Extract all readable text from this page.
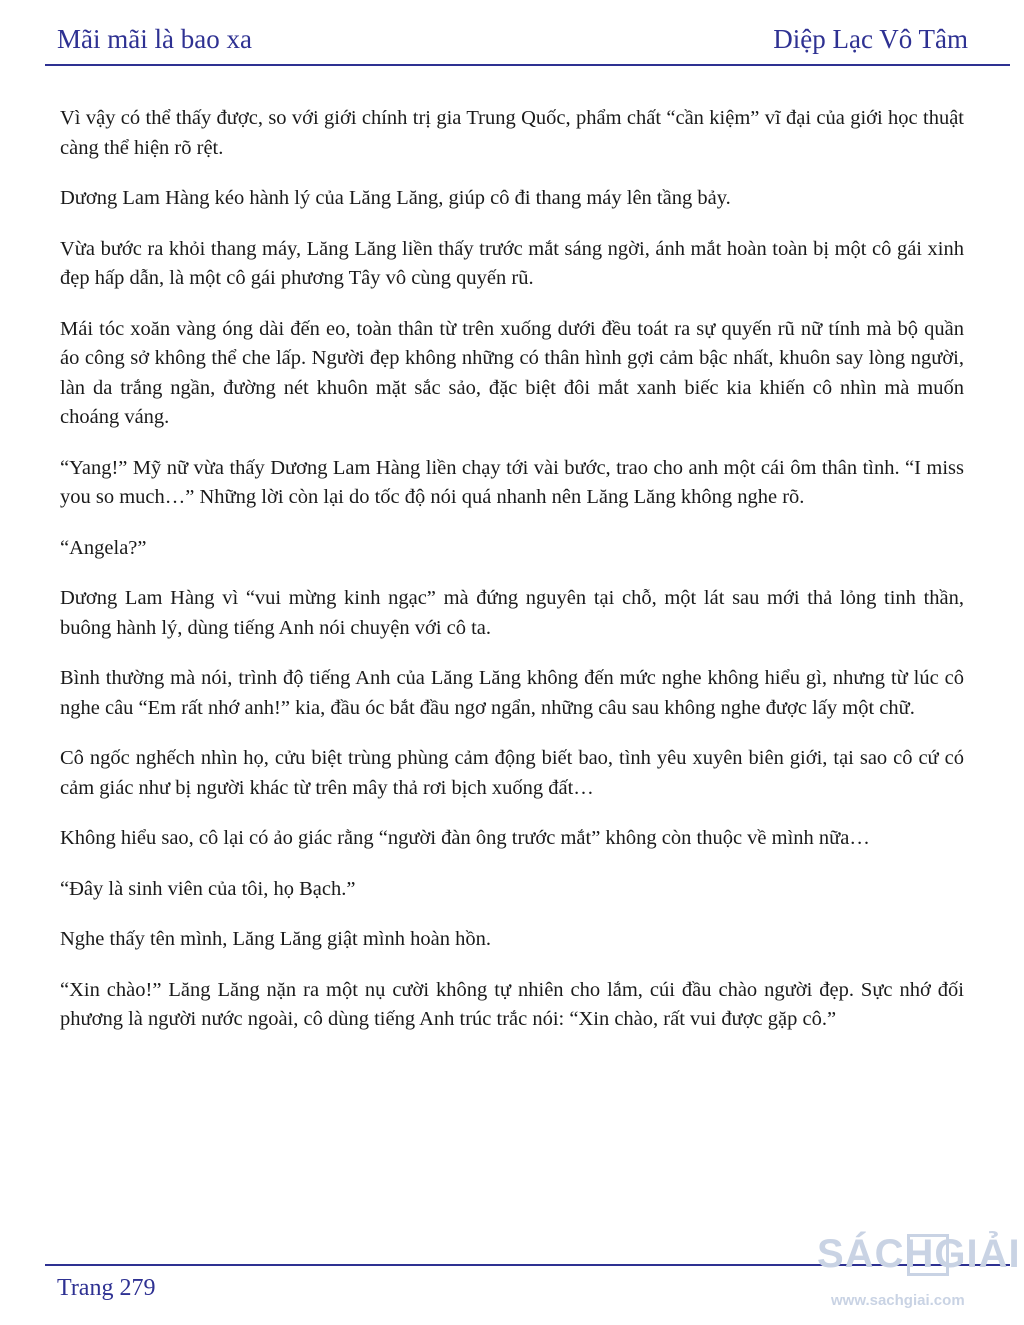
Mãi mãi là bao xa	Diệp Lạc Vô Tâm

Vì vậy có thể thấy được, so với giới chính trị gia Trung Quốc, phẩm chất “cần kiệm” vĩ đại của giới học thuật càng thể hiện rõ rệt.

Dương Lam Hàng kéo hành lý của Lăng Lăng, giúp cô đi thang máy lên tầng bảy.

Vừa bước ra khỏi thang máy, Lăng Lăng liền thấy trước mắt sáng ngời, ánh mắt hoàn toàn bị một cô gái xinh đẹp hấp dẫn, là một cô gái phương Tây vô cùng quyến rũ.

Mái tóc xoăn vàng óng dài đến eo, toàn thân từ trên xuống dưới đều toát ra sự quyến rũ nữ tính mà bộ quần áo công sở không thể che lấp. Người đẹp không những có thân hình gợi cảm bậc nhất, khuôn say lòng người, làn da trắng ngần, đường nét khuôn mặt sắc sảo, đặc biệt đôi mắt xanh biếc kia khiến cô nhìn mà muốn choáng váng.

“Yang!” Mỹ nữ vừa thấy Dương Lam Hàng liền chạy tới vài bước, trao cho anh một cái ôm thân tình. “I miss you so much…” Những lời còn lại do tốc độ nói quá nhanh nên Lăng Lăng không nghe rõ.

“Angela?”

Dương Lam Hàng vì “vui mừng kinh ngạc” mà đứng nguyên tại chỗ, một lát sau mới thả lỏng tinh thần, buông hành lý, dùng tiếng Anh nói chuyện với cô ta.

Bình thường mà nói, trình độ tiếng Anh của Lăng Lăng không đến mức nghe không hiểu gì, nhưng từ lúc cô nghe câu “Em rất nhớ anh!” kia, đầu óc bắt đầu ngơ ngẩn, những câu sau không nghe được lấy một chữ.

Cô ngốc nghếch nhìn họ, cửu biệt trùng phùng cảm động biết bao, tình yêu xuyên biên giới, tại sao cô cứ có cảm giác như bị người khác từ trên mây thả rơi bịch xuống đất…

Không hiểu sao, cô lại có ảo giác rằng “người đàn ông trước mắt” không còn thuộc về mình nữa…

“Đây là sinh viên của tôi, họ Bạch.”

Nghe thấy tên mình, Lăng Lăng giật mình hoàn hồn.

“Xin chào!” Lăng Lăng nặn ra một nụ cười không tự nhiên cho lắm, cúi đầu chào người đẹp. Sực nhớ đối phương là người nước ngoài, cô dùng tiếng Anh trúc trắc nói: “Xin chào, rất vui được gặp cô.”

Trang 279
SÁCHGIẢI
www.sachgiai.com
